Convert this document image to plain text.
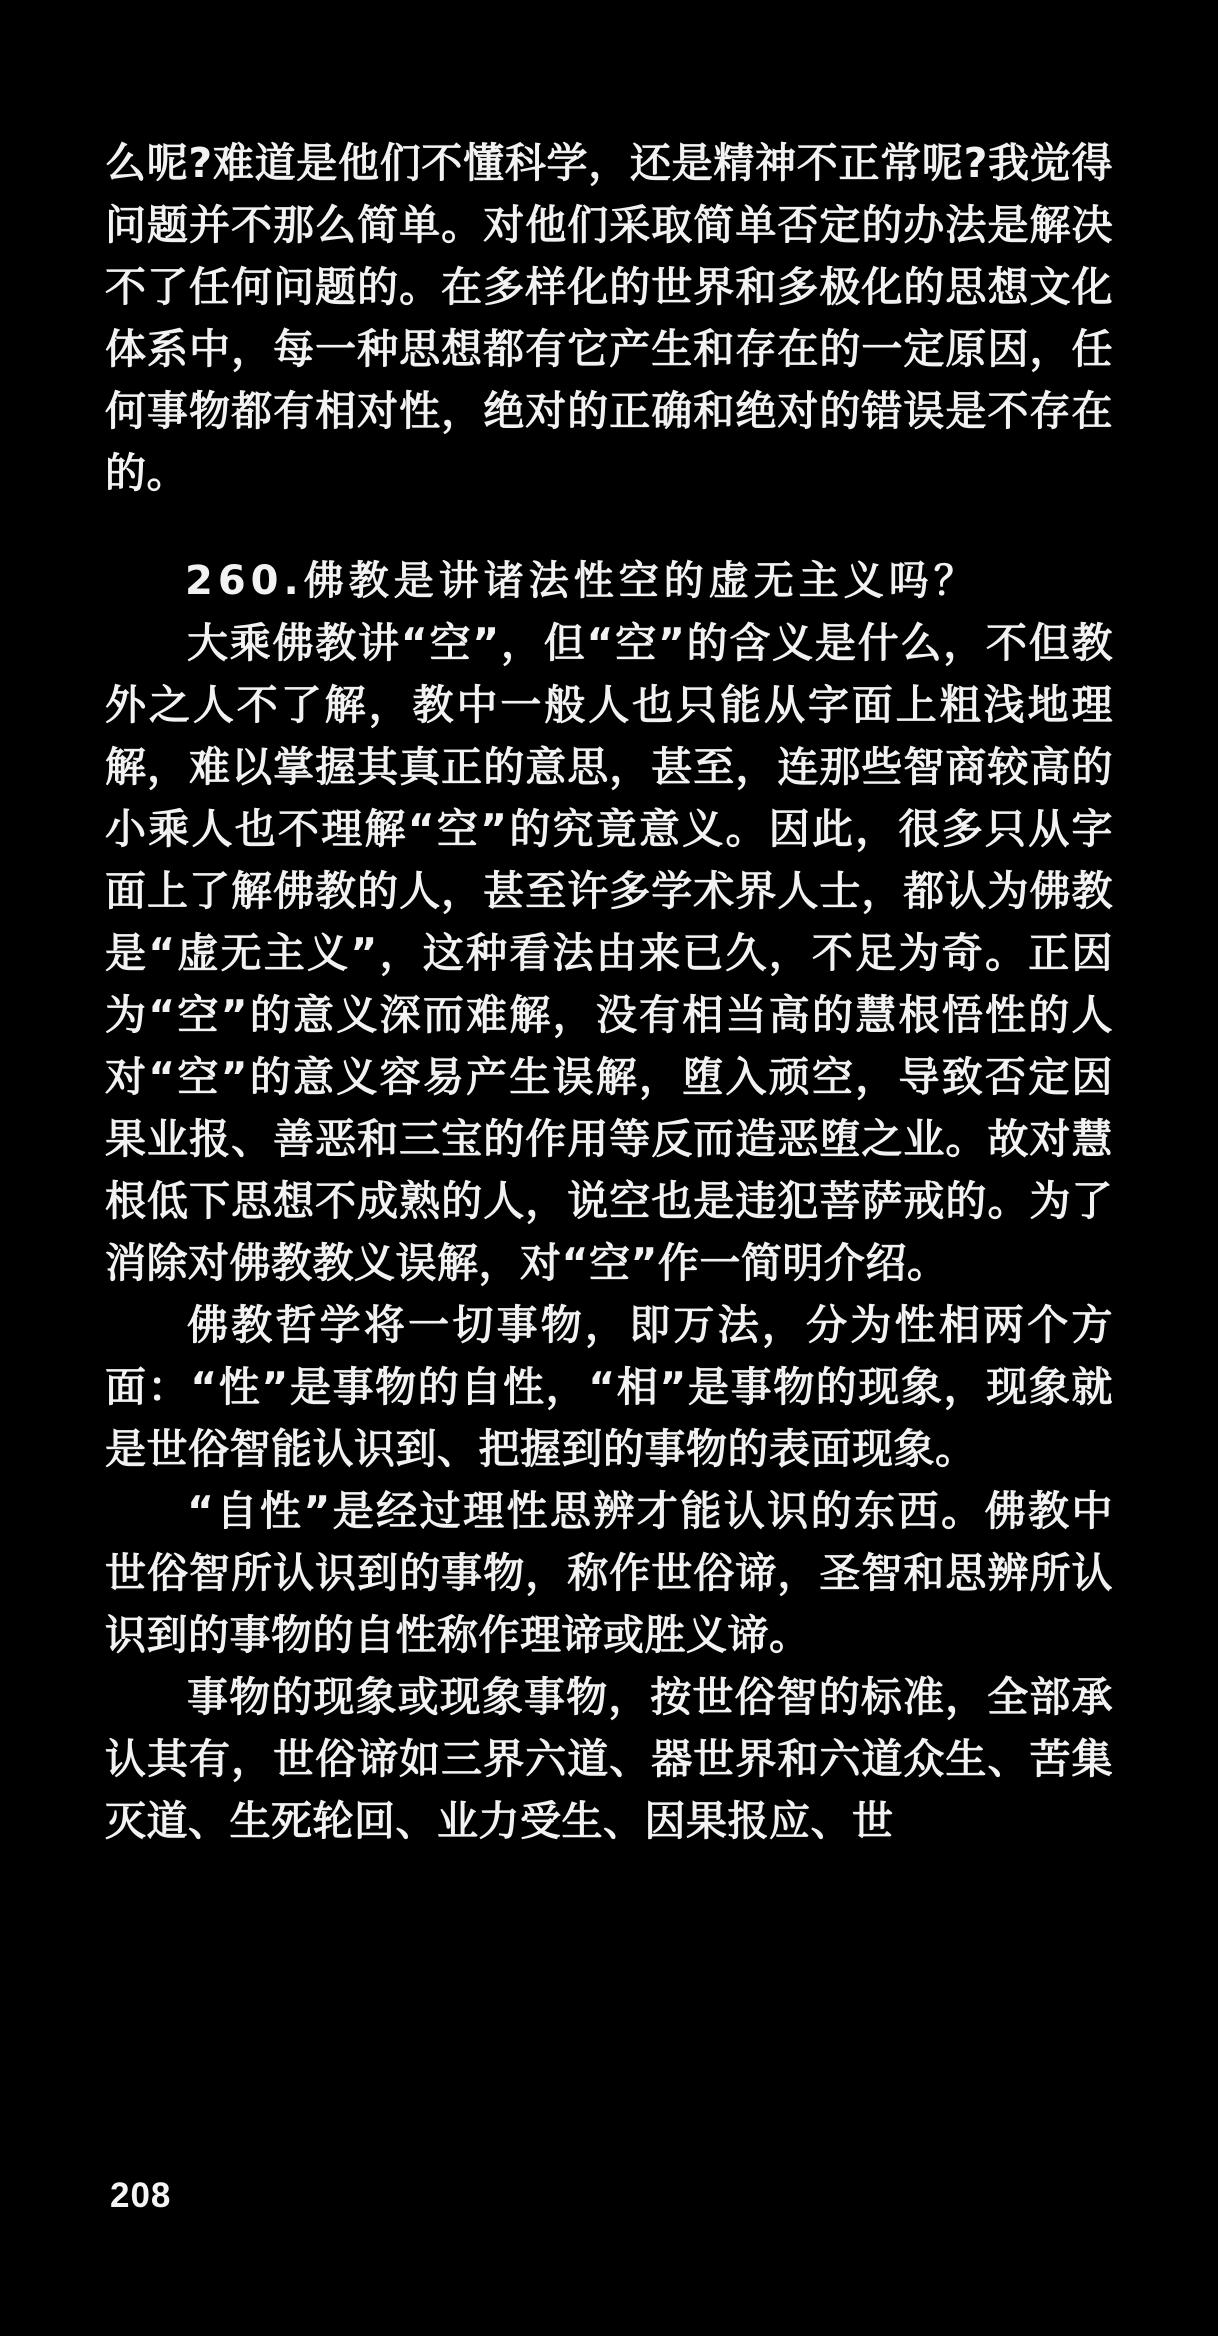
么呢?难道是他们不懂科学，还是精神不正常呢?我觉得问题并不那么简单。对他们采取简单否定的办法是解决不了任何问题的。在多样化的世界和多极化的思想文化体系中，每一种思想都有它产生和存在的一定原因，任何事物都有相对性，绝对的正确和绝对的错误是不存在的。

260.佛教是讲诸法性空的虚无主义吗？

大乘佛教讲“空”，但“空”的含义是什么，不但教外之人不了解，教中一般人也只能从字面上粗浅地理解，难以掌握其真正的意思，甚至，连那些智商较高的小乘人也不理解“空”的究竟意义。因此，很多只从字面上了解佛教的人，甚至许多学术界人士，都认为佛教是“虚无主义”，这种看法由来已久，不足为奇。正因为“空”的意义深而难解，没有相当高的慧根悟性的人对“空”的意义容易产生误解，堕入顽空，导致否定因果业报、善恶和三宝的作用等反而造恶堕之业。故对慧根低下思想不成熟的人，说空也是违犯菩萨戒的。为了消除对佛教教义误解，对“空”作一简明介绍。

佛教哲学将一切事物，即万法，分为性相两个方面：“性”是事物的自性，“相”是事物的现象，现象就是世俗智能认识到、把握到的事物的表面现象。

“自性”是经过理性思辨才能认识的东西。佛教中世俗智所认识到的事物，称作世俗谛，圣智和思辨所认识到的事物的自性称作理谛或胜义谛。

事物的现象或现象事物，按世俗智的标准，全部承认其有，世俗谛如三界六道、器世界和六道众生、苦集灭道、生死轮回、业力受生、因果报应、世

208
